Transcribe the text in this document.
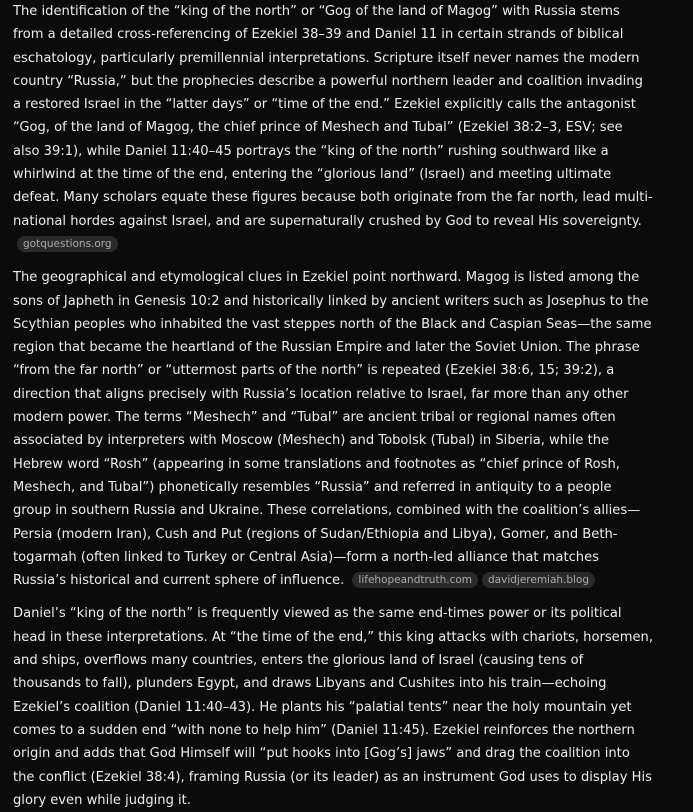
The identification of the “king of the north” or “Gog of the land of Magog” with Russia stems from a detailed cross-referencing of Ezekiel 38–39 and Daniel 11 in certain strands of biblical eschatology, particularly premillennial interpretations. Scripture itself never names the modern country “Russia,” but the prophecies describe a powerful northern leader and coalition invading a restored Israel in the “latter days” or “time of the end.” Ezekiel explicitly calls the antagonist “Gog, of the land of Magog, the chief prince of Meshech and Tubal” (Ezekiel 38:2–3, ESV; see also 39:1), while Daniel 11:40–45 portrays the “king of the north” rushing southward like a whirlwind at the time of the end, entering the “glorious land” (Israel) and meeting ultimate defeat. Many scholars equate these figures because both originate from the far north, lead multi-national hordes against Israel, and are supernaturally crushed by God to reveal His sovereignty. gotquestions.org

The geographical and etymological clues in Ezekiel point northward. Magog is listed among the sons of Japheth in Genesis 10:2 and historically linked by ancient writers such as Josephus to the Scythian peoples who inhabited the vast steppes north of the Black and Caspian Seas—the same region that became the heartland of the Russian Empire and later the Soviet Union. The phrase “from the far north” or “uttermost parts of the north” is repeated (Ezekiel 38:6, 15; 39:2), a direction that aligns precisely with Russia’s location relative to Israel, far more than any other modern power. The terms “Meshech” and “Tubal” are ancient tribal or regional names often associated by interpreters with Moscow (Meshech) and Tobolsk (Tubal) in Siberia, while the Hebrew word “Rosh” (appearing in some translations and footnotes as “chief prince of Rosh, Meshech, and Tubal”) phonetically resembles “Russia” and referred in antiquity to a people group in southern Russia and Ukraine. These correlations, combined with the coalition’s allies—Persia (modern Iran), Cush and Put (regions of Sudan/Ethiopia and Libya), Gomer, and Beth-togarmah (often linked to Turkey or Central Asia)—form a north-led alliance that matches Russia’s historical and current sphere of influence. lifehopeandtruth.com davidjeremiah.blog

Daniel’s “king of the north” is frequently viewed as the same end-times power or its political head in these interpretations. At “the time of the end,” this king attacks with chariots, horsemen, and ships, overflows many countries, enters the glorious land of Israel (causing tens of thousands to fall), plunders Egypt, and draws Libyans and Cushites into his train—echoing Ezekiel’s coalition (Daniel 11:40–43). He plants his “palatial tents” near the holy mountain yet comes to a sudden end “with none to help him” (Daniel 11:45). Ezekiel reinforces the northern origin and adds that God Himself will “put hooks into [Gog’s] jaws” and drag the coalition into the conflict (Ezekiel 38:4), framing Russia (or its leader) as an instrument God uses to display His glory even while judging it.
